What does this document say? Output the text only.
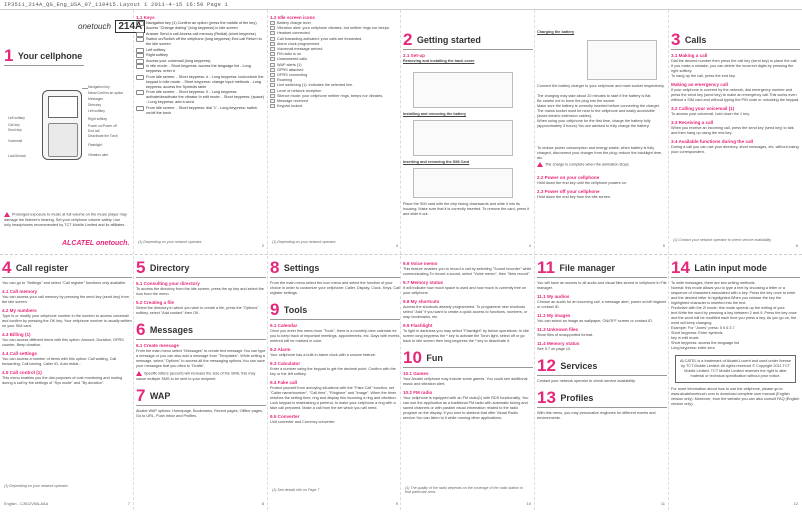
IP3511_214A_QG_Eng_USA_07_110415.Layout 1 2011-4-15 16:50 Page 1
onetouch 214A
1 Your cellphone
Navigation key
Menu/Confirm an option
Messages
Directory
Left softkey
Right softkey
Power on/Power off
End call
Deactivate the Torch
Flashlight
Vibration alert
Left softkey
Call key
Send key
Voicemail
Lock/Unlock
Prolonged exposure to music at full volume on the music player may damage the listener's hearing. Set your cellphone volume safely. Use only headphones recommended by TCT Mobile Limited and its affiliates.
ALCATEL onetouch.
1.1 Keys
Navigation key (1) Confirm an option (press the middle of the key) Access "Change dialing" (long keypress) in idle screen
Answer Send a call Access call memory (Redial) (short keypress)
Switch on/Switch off the cellphone (long keypress) End call Return to the idle screen
Left softkey
Right softkey
Access your voicemail (long keypress)
In idle mode: - Short keypress: access the language list - Long keypress: enter #
From idle screen: - Short keypress: # - Long keypress: lock/unlock the keypad In idle mode: - Short keypress: change input methods - Long keypress: access the Symbols table
From idle screen: - Short keypress: 0 - Long keypress: activate/deactivate the vibrator In edit mode: - Short keypress: (space) - Long keypress: add a word
From idle screen: - Short keypress: dial '1' - Long keypress: switch on/off the torch
(1) Depending on your network operator
2
1.2 Idle screen icons
Battery charge level
Vibration alert: your cellphone vibrates, but neither rings nor beeps.
Headset connected
Call forwarding activated: your calls are forwarded.
Alarm clock programmed
Voicemail message arrived
FM radio is on
Unanswered calls
WAP alerts (1)
GPRS attached
GPRS connecting
Roaming
Line switching (1): indicates the selected line.
Level of network reception
Silence mode: your cellphone neither rings, beeps nor vibrates.
Message received
Keypad locked.
(1) Depending on your network operator
3
2 Getting started
2.1 Set-up
Removing and installing the back cover
Installing and removing the battery
Inserting and removing the SIM Card
Place the SIM card with the chip facing downwards and slide it into its housing. Make sure that it is correctly inserted. To remove the card, press it and slide it out.
4
Charging the battery
Connect the battery charger to your cellphone and main socket respectively.
The charging may take about 20 minutes to start if the battery is flat.
Be careful not to force the plug into the socket.
Make sure the battery is correctly inserted before connecting the charger.
The mains socket must be near to the cellphone and easily accessible (avoid electric extension cables).
When using your cellphone for the first time, charge the battery fully (approximately 3 hours).You are advised to fully charge the battery.
To reduce power consumption and energy waste, when battery is fully charged, disconnect your charger from the plug; reduce the backlight time, etc.
The charge is complete when the animation stops.
2.2 Power on your cellphone
Hold down the end key until the cellphone powers on.
2.3 Power off your cellphone
Hold down the end key from the idle screen.
5
3 Calls
3.1 Making a call
Dial the desired number then press the call key (send key) to place the call. If you make a mistake, you can delete the incorrect digits by pressing the right softkey.
To hang up the call, press the end key.
Making an emergency call
If your cellphone is covered by the network, dial emergency number and press the send key (send key) to make an emergency call.This works even without a SIM card and without typing the PIN code or unlocking the keypad.
3.2 Calling your voicemail (1)
To access your voicemail, hold down the 1 key.
3.3 Receiving a call
When you receive an incoming call, press the send key (send key) to talk and then hang up using the end key.
3.4 Available functions during the call
During a call you can use your directory, short messages, etc. without losing your correspondent.
(1) Contact your network operator to check service availability.
6
4 Call register
You can go to "Settings" and select "Call register" functions only available.
4.1 Call memory
You can access your call memory by pressing the send key (send key) from the idle screen.
4.2 My numbers
Type in or modify your cellphone number in the number to access voicemail and confirm by pressing the OK key. Your cellphone number is usually written on your SIM card.
4.3 Billing (1)
You can access different items with this option: Amount, Duration, GPRS counter, Beep duration.
4.4 Call settings
You can access a number of items with this option: Call waiting, Call forwarding, Call barring, Caller ID, Auto redial...
4.5 Call control (1)
This menu enables you the dial purposes of cost monitoring and muting during a call by the settings of "Sys mode" and "By duration".
(1) Depending on your network operator.
English - CJB12V5ALAAA	7
5 Directory
5.1 Consulting your directory
To access the directory from the idle screen, press the up key and select the icon from the menu.
5.2 Creating a file
Select the directory in which you wish to create a file, press the "Options" softkey, select "Add contact" then OK.
6 Messages
6.1 Create message
From the main menu select "Messages" to create text message.You can type a message or you can also add a message from "Templates". While writing a message, select "Options" to access all the messaging options.You can save your messages that you often to "Drafts".
Specific letters (accent) will increase the size of the SMS, this may cause multiple SMS to be sent to your recipient.
7 WAP
Alcatel WAP options: Homepage, Bookmarks, Recent pages, Offline pages, Go to URL, Push Inbox and Profiles.
8
8 Settings
From the main menu,select the icon menu and select the function of your choice in order to customize your cellphone: Caller, Display, Clock, Keys, Call register settings.
9 Tools
9.1 Calendar
Once you enter this menu from "Tools", there is a monthly-view calendar for you to keep track of important meetings, appointments, etc. Days with events entered will be marked in color.
9.2 Alarm
Your cellphone has a built-in alarm clock with a snooze feature.
9.3 Calculator
Enter a number using the keypad to get the decimal point. Confirm with the key or the left softkey.
9.4 Fake call
Protect yourself from annoying situations with the "Fake Call" function, set "Caller name/number", "Call time", "Ringtone" and "Image". When the timer reaches the setting time, ring and display this incoming a ring and vibration. Lock keypad is maintaining a pretend, to make your cellphone a ring with a fake call prepared. Make a call from the set which you will need.
9.5 Converter
Unit converter and Currency converter.
(1) See details info on Page 7
9
9.6 Voice memo
This feature enables you to record a call by selecting "Sound recorder" while communicating.To record a sound, select "Voice memo", then "New record".
9.7 Memory status
It will indicate how much space is used and how much is currently free on your cellphone.
9.8 My shortcuts
Access the shortcuts already programmed. To programme new shortcuts select "Add" if you want to create a quick access to functions, numbers, or map bookmarks, etc.
9.9 Flashlight
To light in darkness you may select "Flashlight" by below operations: In idle screen long keypress the * key to activate the Torch light, select off or go back to idle screen then long keypress the * key to deactivate it.
10 Fun
10.1 Games
Your Alcatel cellphone may include some games. You could see additional music and vibration alert.
10.2 FM radio
Your cellphone is equipped with an FM radio(1) with RDS functionality. You can use the application as a traditional FM radio with automatic tuning and saved channels or with parallel visual information related to the radio program on the display. If you tune to stations that offer Visual Radio service.You can listen to it while running other applications.
(1) The quality of the radio depends on the coverage of the radio station in that particular area.
10
11 File manager
You will have an access to all audio and visual files stored in cellphone in File manager.
11.1 My audios
Choose an audio for an incoming call, a message alert, power on/off ringtone or contact ID.
11.2 My images
You can select an image as wallpaper, ON/OFF screen or contact ID.
11.3 Unknown files
Store files of unsupported format.
11.4 Memory status
See 9.7 on page 10.
12 Services
Contact your network operator to check service availability.
13 Profiles
With this menu, you may personalize ringtones for different events and environments.
11
14 Latin input mode
To write messages, there are two writing methods:
Normal: this mode allows you to type a text by choosing a letter or a sequence of characters associated with a key. Press the key once to enter and the desired letter is highlighted.When you release the key the highlighted character is inserted into the text.
Predictive with the Zi mode: this mode speeds up the writing of your text.Write the word by pressing a key between 2 and 9. Press the key once and the word will be modified each time you press a key. As you go on, the word will keep changing.
Example: For "Jones" press: 5 6 6 3 7
Short keypress: Enter symbols
key in edit mode
Short keypress: access the language list
Long keypress: enter zero
ALCATEL is a trademark of Alcatel-Lucent and used under license by TCT Mobile Limited. All rights reserved © Copyright 2011 TCT Mobile Limited. TCT Mobile Limited reserves the right to alter material or technical specification without prior notice.
For more information about how to use the cellphone, please go to www.alcatelonetouch.com to download complete user manual (English version only). Moreover, from the website you can also consult FAQ (English version only).
12
